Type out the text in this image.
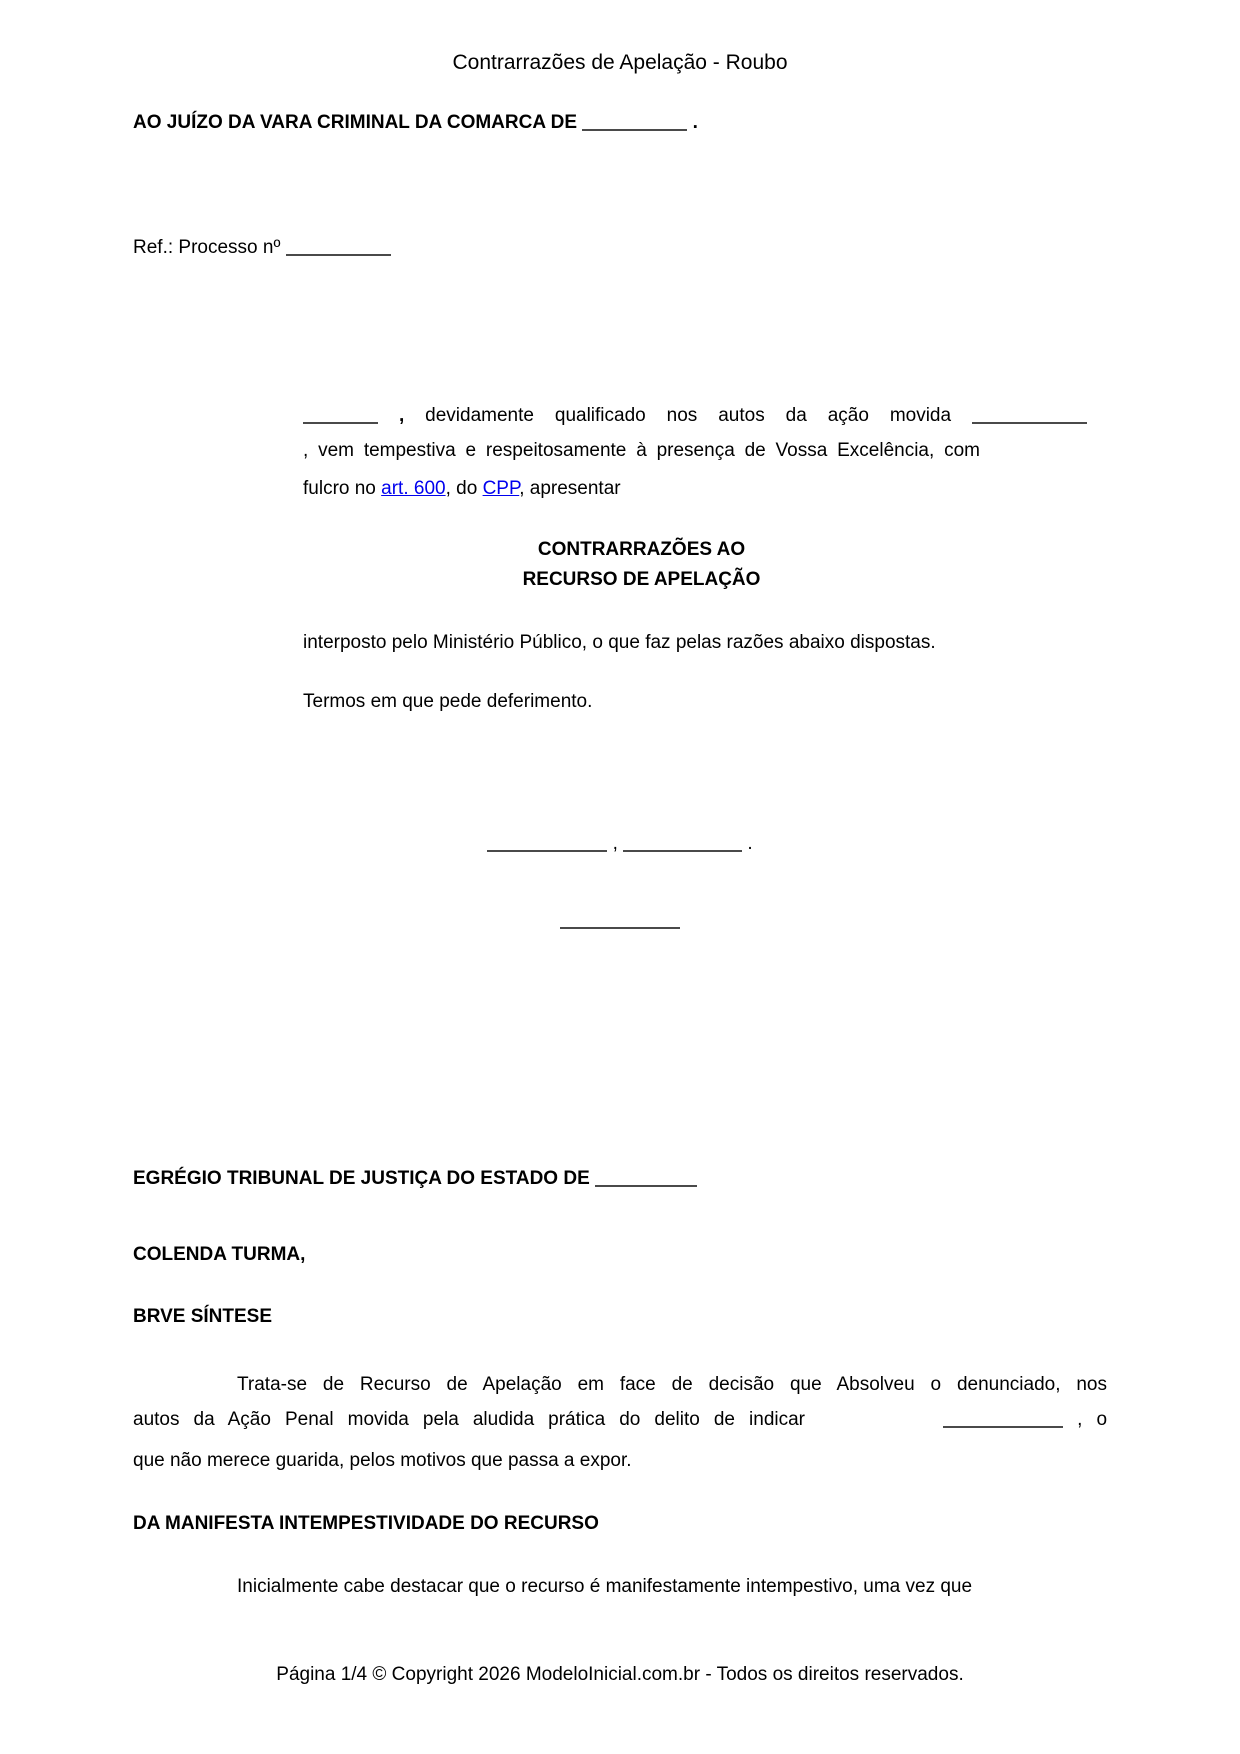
Contrarrazões de Apelação - Roubo
AO JUÍZO DA VARA CRIMINAL DA COMARCA DE	.
Ref.: Processo nº
, devidamente qualificado nos autos da ação movida
, vem tempestiva e respeitosamente à presença de Vossa Excelência, com
fulcro no art. 600, do CPP, apresentar
CONTRARRAZÕES AO
RECURSO DE APELAÇÃO
interposto pelo Ministério Público, o que faz pelas razões abaixo dispostas.
Termos em que pede deferimento.
,	.
EGRÉGIO TRIBUNAL DE JUSTIÇA DO ESTADO DE
COLENDA TURMA,
BRVE SÍNTESE
Trata-se de Recurso de Apelação em face de decisão que Absolveu o denunciado, nos
autos da Ação Penal movida pela aludida prática do delito de indicar	, o
que não merece guarida, pelos motivos que passa a expor.
DA MANIFESTA INTEMPESTIVIDADE DO RECURSO
Inicialmente cabe destacar que o recurso é manifestamente intempestivo, uma vez que
Página 1/4 © Copyright 2026 ModeloInicial.com.br - Todos os direitos reservados.
